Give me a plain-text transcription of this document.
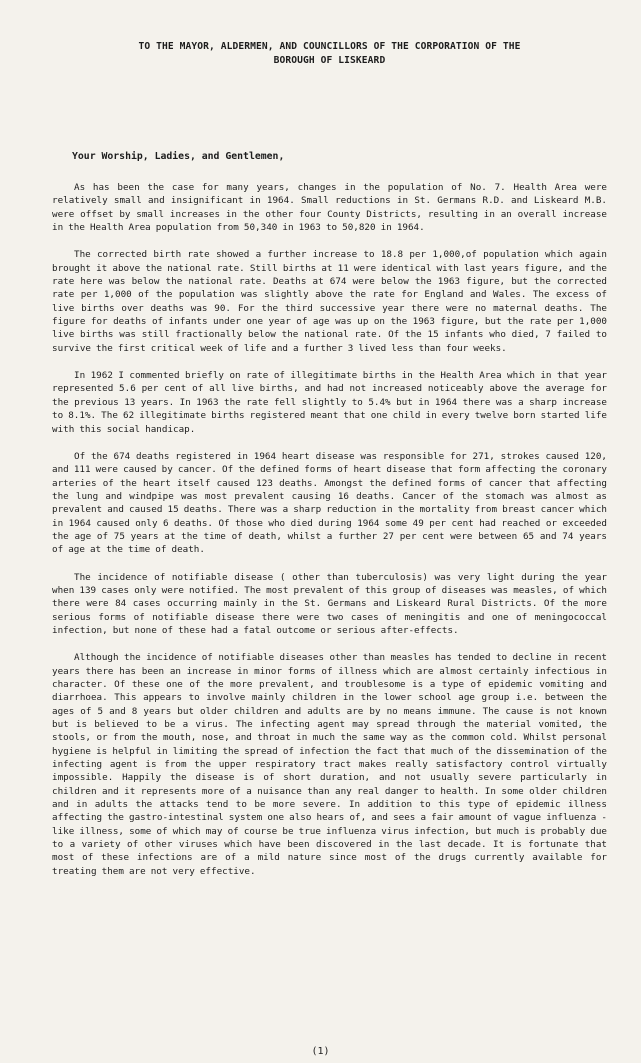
TO THE MAYOR, ALDERMEN, AND COUNCILLORS OF THE CORPORATION OF THE
BOROUGH OF LISKEARD
Your Worship, Ladies, and Gentlemen,

As has been the case for many years, changes in the population of No. 7. Health Area were relatively small and insignificant in 1964. Small reductions in St. Germans R.D. and Liskeard M.B. were offset by small increases in the other four County Districts, resulting in an overall increase in the Health Area population from 50,340 in 1963 to 50,820 in 1964.

The corrected birth rate showed a further increase to 18.8 per 1,000,of population which again brought it above the national rate. Still births at 11 were identical with last years figure, and the rate here was below the national rate. Deaths at 674 were below the 1963 figure, but the corrected rate per 1,000 of the population was slightly above the rate for England and Wales. The excess of live births over deaths was 90. For the third successive year there were no maternal deaths. The figure for deaths of infants under one year of age was up on the 1963 figure, but the rate per 1,000 live births was still fractionally below the national rate. Of the 15 infants who died, 7 failed to survive the first critical week of life and a further 3 lived less than four weeks.

In 1962 I commented briefly on rate of illegitimate births in the Health Area which in that year represented 5.6 per cent of all live births, and had not increased noticeably above the average for the previous 13 years. In 1963 the rate fell slightly to 5.4% but in 1964 there was a sharp increase to 8.1%. The 62 illegitimate births registered meant that one child in every twelve born started life with this social handicap.

Of the 674 deaths registered in 1964 heart disease was responsible for 271, strokes caused 120, and 111 were caused by cancer. Of the defined forms of heart disease that form affecting the coronary arteries of the heart itself caused 123 deaths. Amongst the defined forms of cancer that affecting the lung and windpipe was most prevalent causing 16 deaths. Cancer of the stomach was almost as prevalent and caused 15 deaths. There was a sharp reduction in the mortality from breast cancer which in 1964 caused only 6 deaths. Of those who died during 1964 some 49 per cent had reached or exceeded the age of 75 years at the time of death, whilst a further 27 per cent were between 65 and 74 years of age at the time of death.

The incidence of notifiable disease ( other than tuberculosis) was very light during the year when 139 cases only were notified. The most prevalent of this group of diseases was measles, of which there were 84 cases occurring mainly in the St. Germans and Liskeard Rural Districts. Of the more serious forms of notifiable disease there were two cases of meningitis and one of meningococcal infection, but none of these had a fatal outcome or serious after-effects.

Although the incidence of notifiable diseases other than measles has tended to decline in recent years there has been an increase in minor forms of illness which are almost certainly infectious in character. Of these one of the more prevalent, and troublesome is a type of epidemic vomiting and diarrhoea. This appears to involve mainly children in the lower school age group i.e. between the ages of 5 and 8 years but older children and adults are by no means immune. The cause is not known but is believed to be a virus. The infecting agent may spread through the material vomited, the stools, or from the mouth, nose, and throat in much the same way as the common cold. Whilst personal hygiene is helpful in limiting the spread of infection the fact that much of the dissemination of the infecting agent is from the upper respiratory tract makes really satisfactory control virtually impossible. Happily the disease is of short duration, and not usually severe particularly in children and it represents more of a nuisance than any real danger to health. In some older children and in adults the attacks tend to be more severe. In addition to this type of epidemic illness affecting the gastro-intestinal system one also hears of, and sees a fair amount of vague influenza - like illness, some of which may of course be true influenza virus infection, but much is probably due to a variety of other viruses which have been discovered in the last decade. It is fortunate that most of these infections are of a mild nature since most of the drugs currently available for treating them are not very effective.

(1)
